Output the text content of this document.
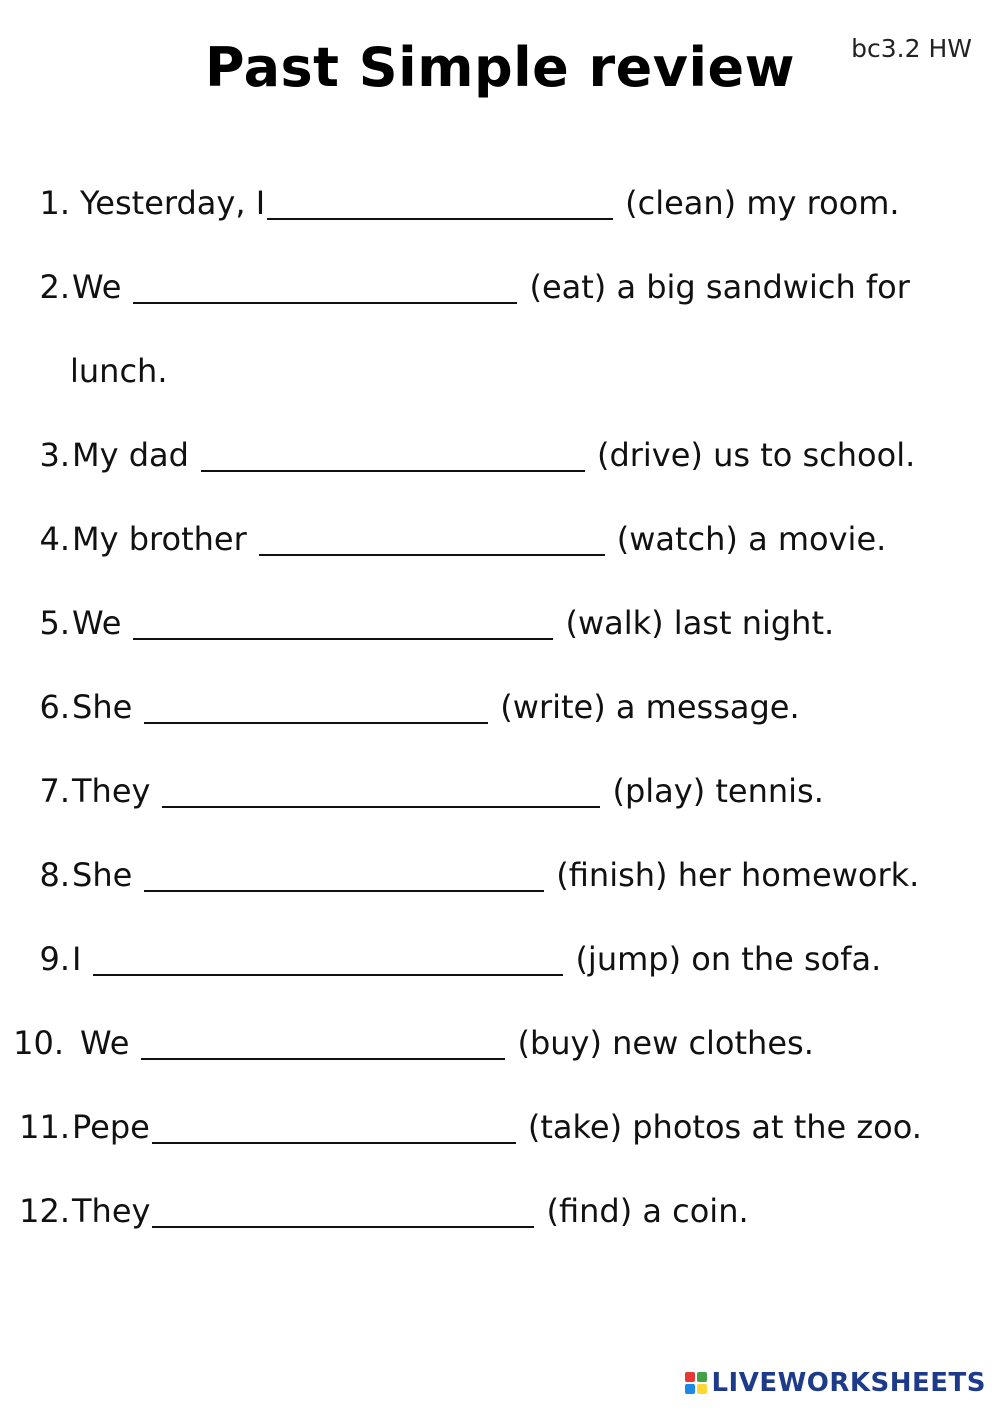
Past Simple review	bc3.2 HW
1. Yesterday, I	(clean) my room.
2. We	(eat) a big sandwich for
lunch.
3. My dad	(drive) us to school.
4. My brother	(watch) a movie.
5. We	(walk) last night.
6. She	(write) a message.
7. They	(play) tennis.
8. She	(finish) her homework.
9. I	(jump) on the sofa.
10. We	(buy) new clothes.
11. Pepe	(take) photos at the zoo.
12. They	(find) a coin.
LIVEWORKSHEETS
